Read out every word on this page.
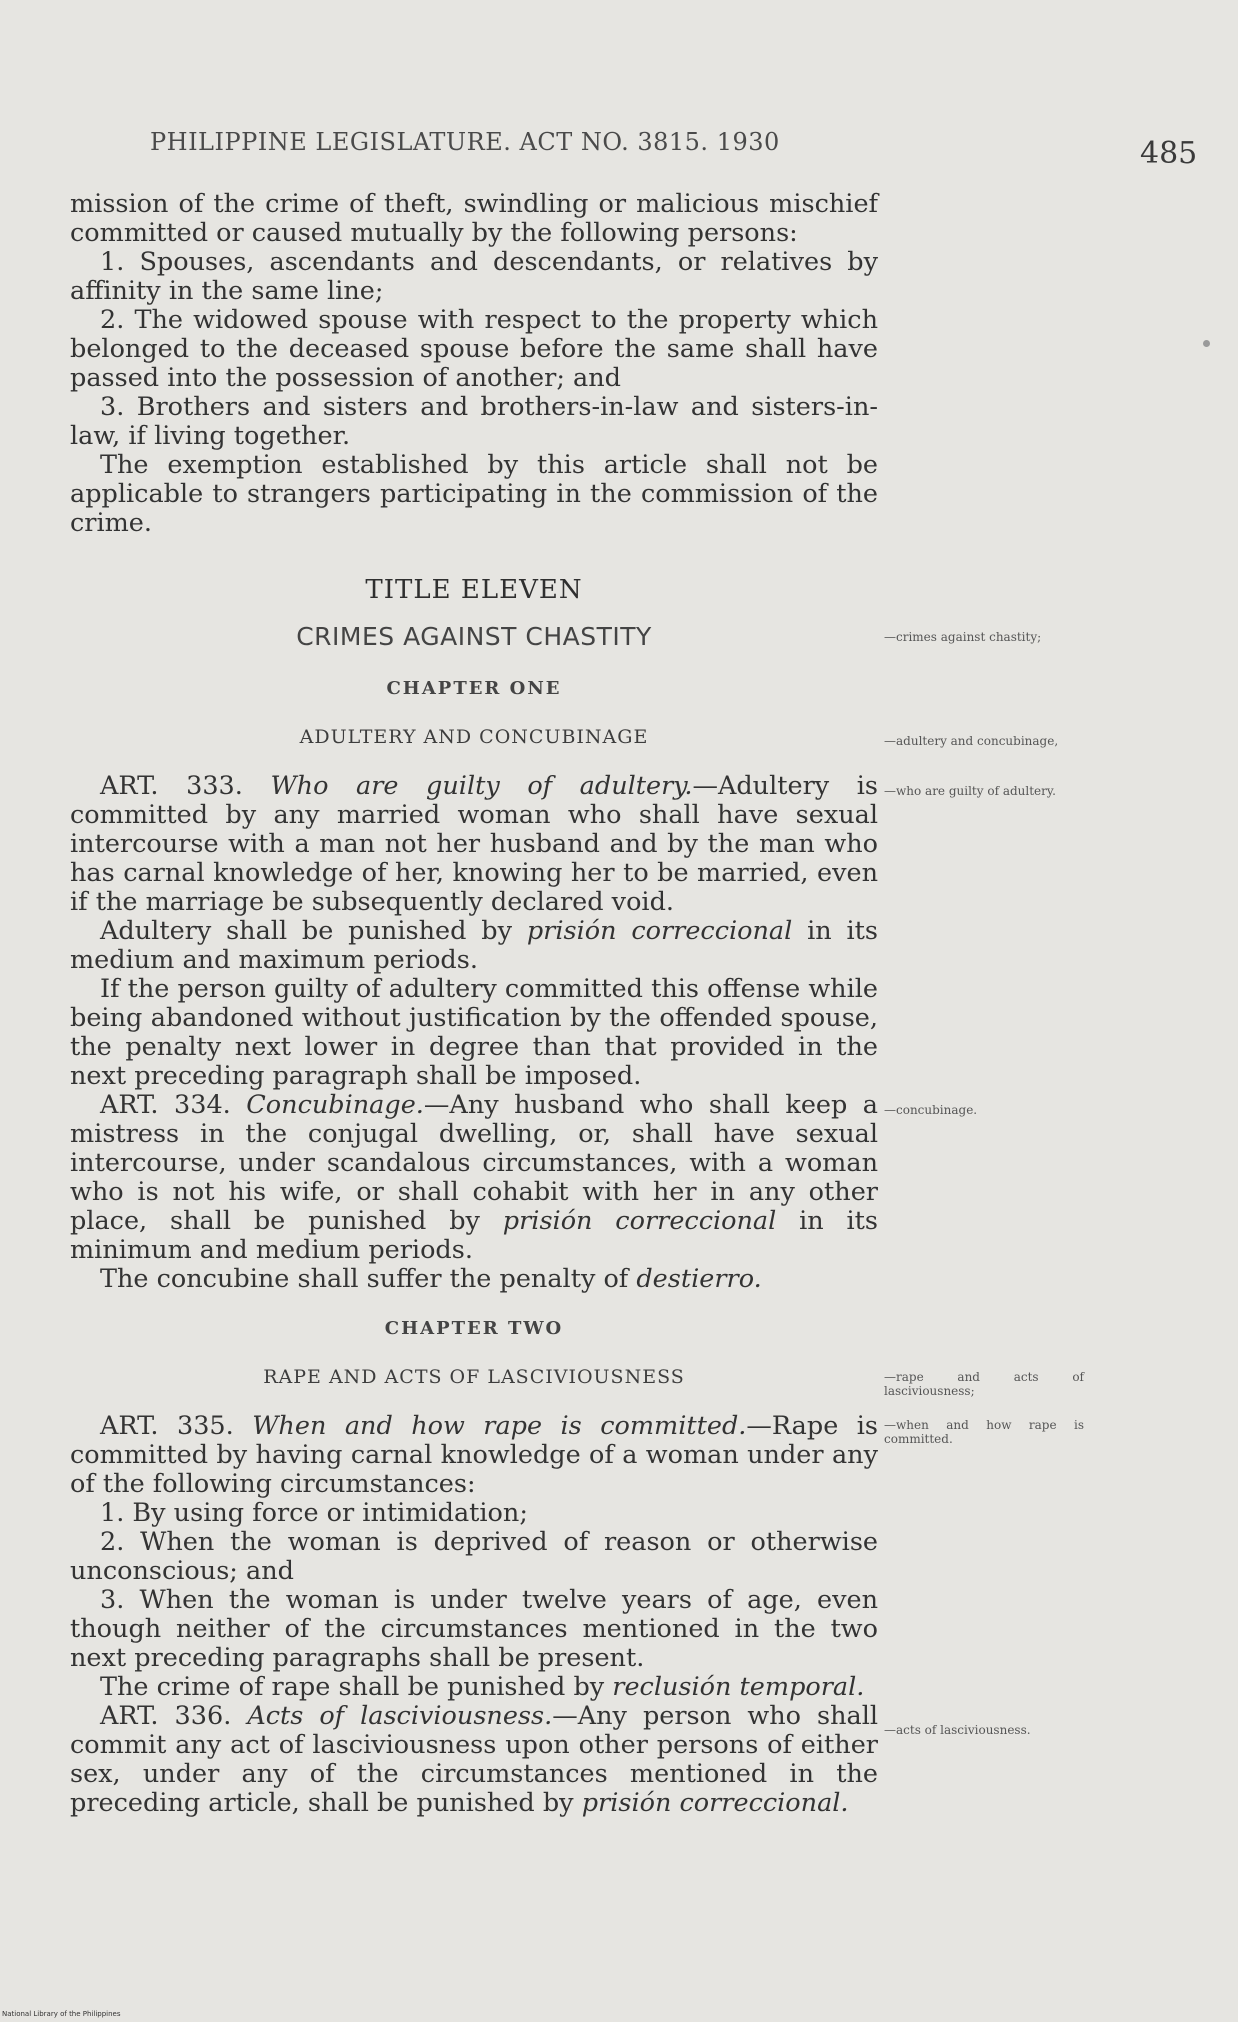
PHILIPPINE LEGISLATURE. ACT NO. 3815. 1930	485

mission of the crime of theft, swindling or malicious mischief committed or caused mutually by the following persons:

1. Spouses, ascendants and descendants, or relatives by affinity in the same line;

2. The widowed spouse with respect to the property which belonged to the deceased spouse before the same shall have passed into the possession of another; and

3. Brothers and sisters and brothers-in-law and sisters-in-law, if living together.

The exemption established by this article shall not be applicable to strangers participating in the commission of the crime.

TITLE ELEVEN
CRIMES AGAINST CHASTITY
CHAPTER ONE
ADULTERY AND CONCUBINAGE

ART. 333. Who are guilty of adultery.—Adultery is committed by any married woman who shall have sexual intercourse with a man not her husband and by the man who has carnal knowledge of her, knowing her to be married, even if the marriage be subsequently declared void.

Adultery shall be punished by prisión correccional in its medium and maximum periods.

If the person guilty of adultery committed this offense while being abandoned without justification by the offended spouse, the penalty next lower in degree than that provided in the next preceding paragraph shall be imposed.

ART. 334. Concubinage.—Any husband who shall keep a mistress in the conjugal dwelling, or, shall have sexual intercourse, under scandalous circumstances, with a woman who is not his wife, or shall cohabit with her in any other place, shall be punished by prisión correccional in its minimum and medium periods.

The concubine shall suffer the penalty of destierro.

CHAPTER TWO
RAPE AND ACTS OF LASCIVIOUSNESS

ART. 335. When and how rape is committed.—Rape is committed by having carnal knowledge of a woman under any of the following circumstances:

1. By using force or intimidation;

2. When the woman is deprived of reason or otherwise unconscious; and

3. When the woman is under twelve years of age, even though neither of the circumstances mentioned in the two next preceding paragraphs shall be present.

The crime of rape shall be punished by reclusión temporal.

ART. 336. Acts of lasciviousness.—Any person who shall commit any act of lasciviousness upon other persons of either sex, under any of the circumstances mentioned in the preceding article, shall be punished by prisión correccional.

—crimes against chastity;
—adultery and concubinage,
—who are guilty of adultery.
—concubinage.
—rape and acts of lasciviousness;
—when and how rape is committed.
—acts of lasciviousness.
National Library of the Philippines
